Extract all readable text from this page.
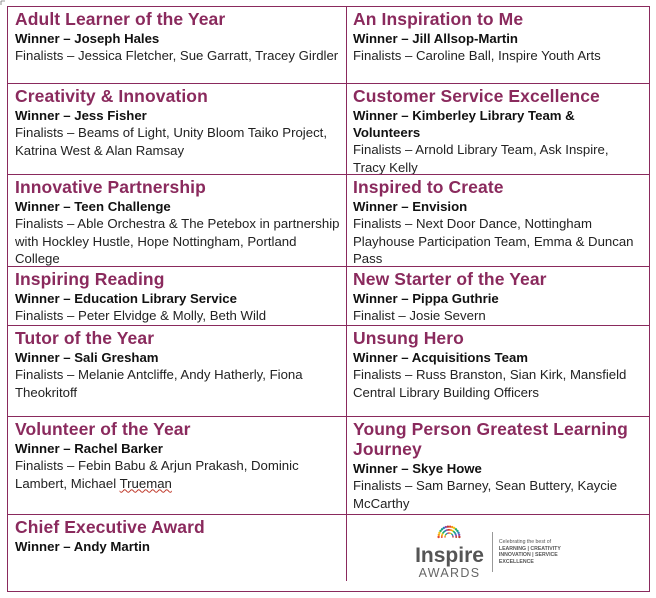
Adult Learner of the Year
Winner – Joseph Hales
Finalists – Jessica Fletcher, Sue Garratt, Tracey Girdler
An Inspiration to Me
Winner – Jill Allsop-Martin
Finalists – Caroline Ball, Inspire Youth Arts
Creativity & Innovation
Winner – Jess Fisher
Finalists – Beams of Light, Unity Bloom Taiko Project, Katrina West & Alan Ramsay
Customer Service Excellence
Winner – Kimberley Library Team & Volunteers
Finalists – Arnold Library Team, Ask Inspire, Tracy Kelly
Innovative Partnership
Winner – Teen Challenge
Finalists – Able Orchestra & The Petebox in partnership with Hockley Hustle, Hope Nottingham, Portland College
Inspired to Create
Winner – Envision
Finalists – Next Door Dance, Nottingham Playhouse Participation Team, Emma & Duncan Pass
Inspiring Reading
Winner – Education Library Service
Finalists – Peter Elvidge & Molly, Beth Wild
New Starter of the Year
Winner – Pippa Guthrie
Finalist – Josie Severn
Tutor of the Year
Winner – Sali Gresham
Finalists – Melanie Antcliffe, Andy Hatherly, Fiona Theokritoff
Unsung Hero
Winner – Acquisitions Team
Finalists – Russ Branston, Sian Kirk, Mansfield Central Library Building Officers
Volunteer of the Year
Winner – Rachel Barker
Finalists – Febin Babu & Arjun Prakash, Dominic Lambert, Michael Trueman
Young Person Greatest Learning Journey
Winner – Skye Howe
Finalists – Sam Barney, Sean Buttery, Kaycie McCarthy
Chief Executive Award
Winner – Andy Martin	Inspire
AWARDS
Celebrating the best of
LEARNING | CREATIVITY
INNOVATION | SERVICE
EXCELLENCE
